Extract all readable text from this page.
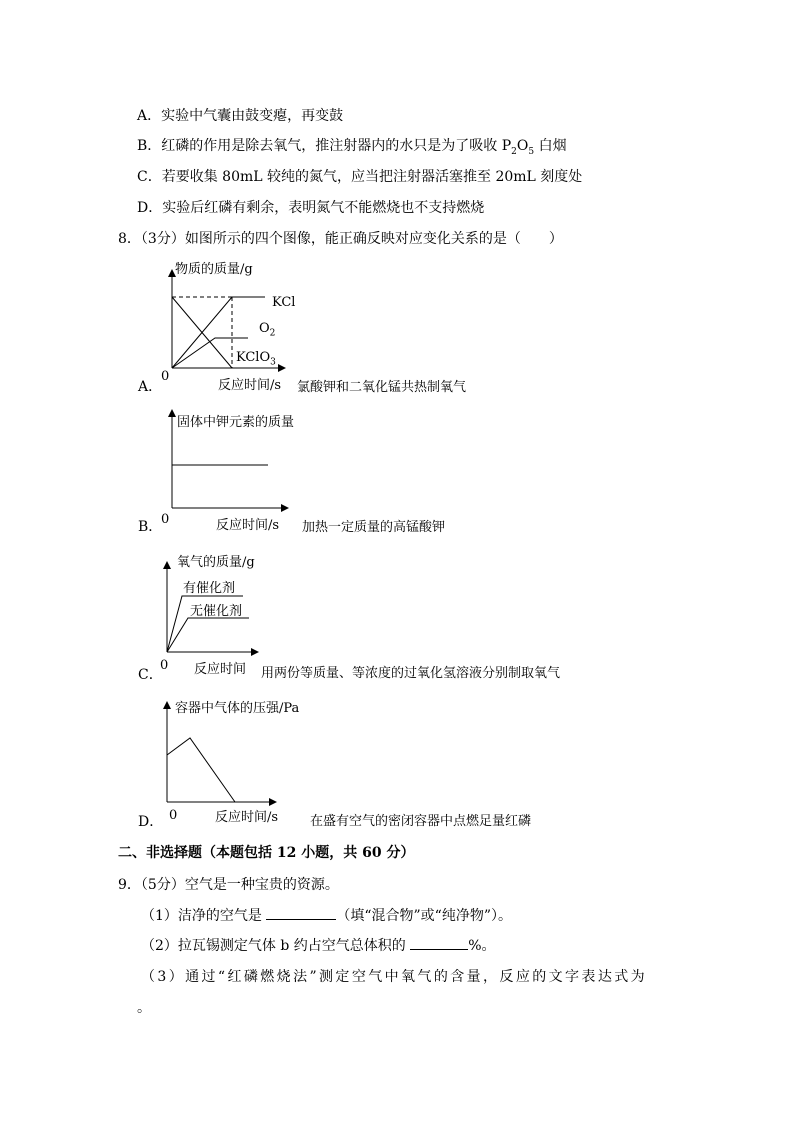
A．实验中气囊由鼓变瘪，再变鼓
B．红磷的作用是除去氧气，推注射器内的水只是为了吸收 $P_2O_5$ 白烟
C．若要收集 80mL 较纯的氮气，应当把注射器活塞推至 20mL 刻度处
D．实验后红磷有剩余，表明氮气不能燃烧也不支持燃烧
8．（3分）如图所示的四个图像，能正确反映对应变化关系的是（　　）
物质的质量/g
KCl
$O_2$
KClO$_3$
A．
0
反应时间/s 氯酸钾和二氧化锰共热制氧气
固体中钾元素的质量
B．
0	反应时间/s 加热一定质量的高锰酸钾
氧气的质量/g
有催化剂
无催化剂
C．
0 反应时间 用两份等质量、等浓度的过氧化氢溶液分别制取氧气
容器中气体的压强/Pa
D． 0	反应时间/s 在盛有空气的密闭容器中点燃足量红磷
二、非选择题（本题包括 12 小题，共 60 分）
9．（5分）空气是一种宝贵的资源。
（1）洁净的空气是	（填“混合物”或“纯净物”）。
（2）拉瓦锡测定气体 b 约占空气总体积的	%。
（3）通过“红磷燃烧法”测定空气中氧气的含量，反应的文字表达式为
。
